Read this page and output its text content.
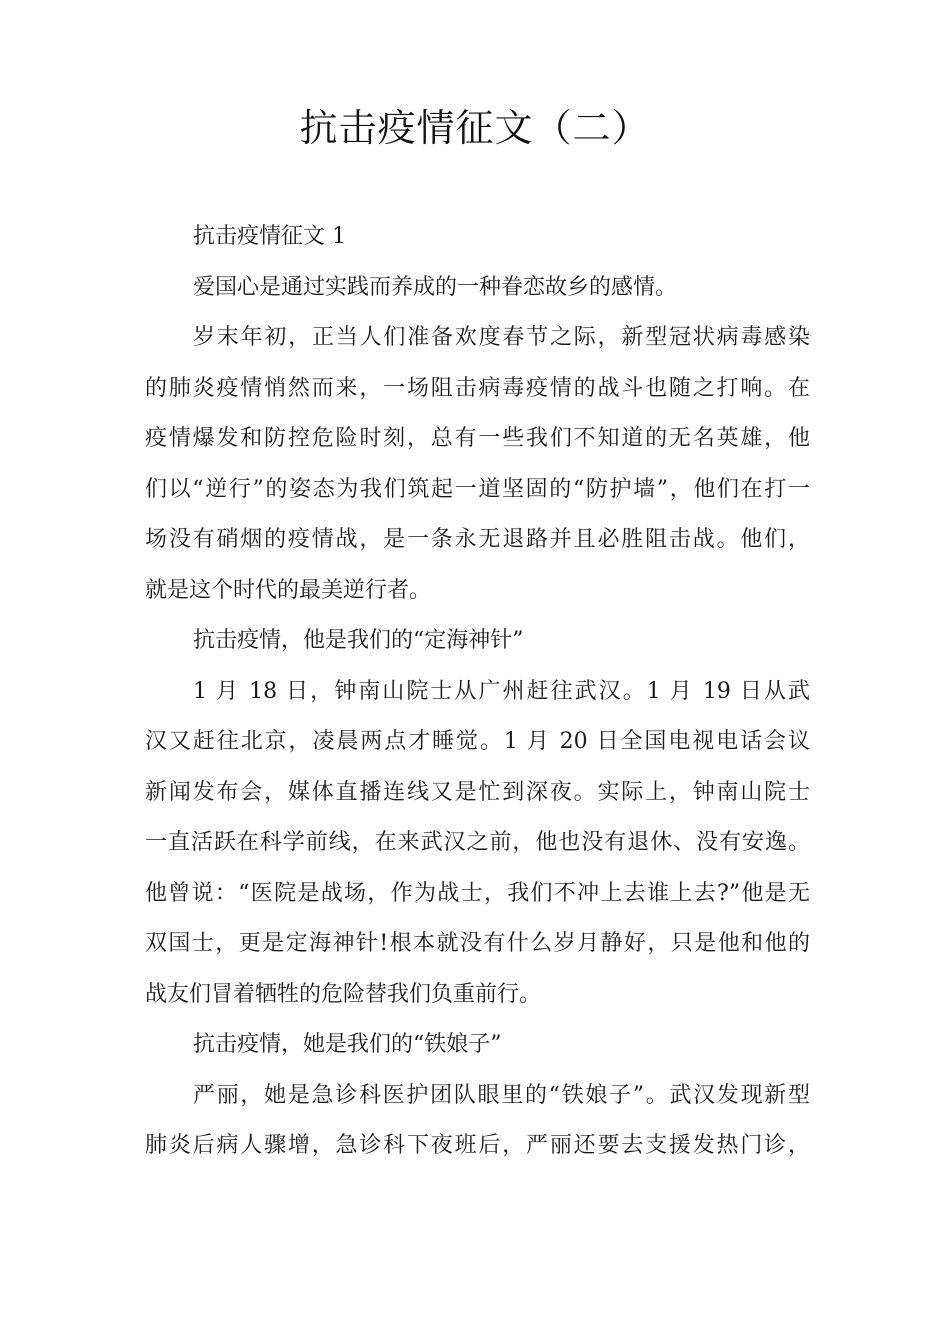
抗击疫情征文（二）
抗击疫情征文 1
爱国心是通过实践而养成的一种眷恋故乡的感情。
岁末年初，正当人们准备欢度春节之际，新型冠状病毒感染
的肺炎疫情悄然而来，一场阻击病毒疫情的战斗也随之打响。在
疫情爆发和防控危险时刻，总有一些我们不知道的无名英雄，他
们以“逆行”的姿态为我们筑起一道坚固的“防护墙”，他们在打一
场没有硝烟的疫情战，是一条永无退路并且必胜阻击战。他们，
就是这个时代的最美逆行者。
抗击疫情，他是我们的“定海神针”
1 月 18 日，钟南山院士从广州赶往武汉。1 月 19 日从武
汉又赶往北京，凌晨两点才睡觉。1 月 20 日全国电视电话会议
新闻发布会，媒体直播连线又是忙到深夜。实际上，钟南山院士
一直活跃在科学前线，在来武汉之前，他也没有退休、没有安逸。
他曾说：“医院是战场，作为战士，我们不冲上去谁上去?”他是无
双国士，更是定海神针!根本就没有什么岁月静好，只是他和他的
战友们冒着牺牲的危险替我们负重前行。
抗击疫情，她是我们的“铁娘子”
严丽，她是急诊科医护团队眼里的“铁娘子”。武汉发现新型
肺炎后病人骤增，急诊科下夜班后，严丽还要去支援发热门诊，
